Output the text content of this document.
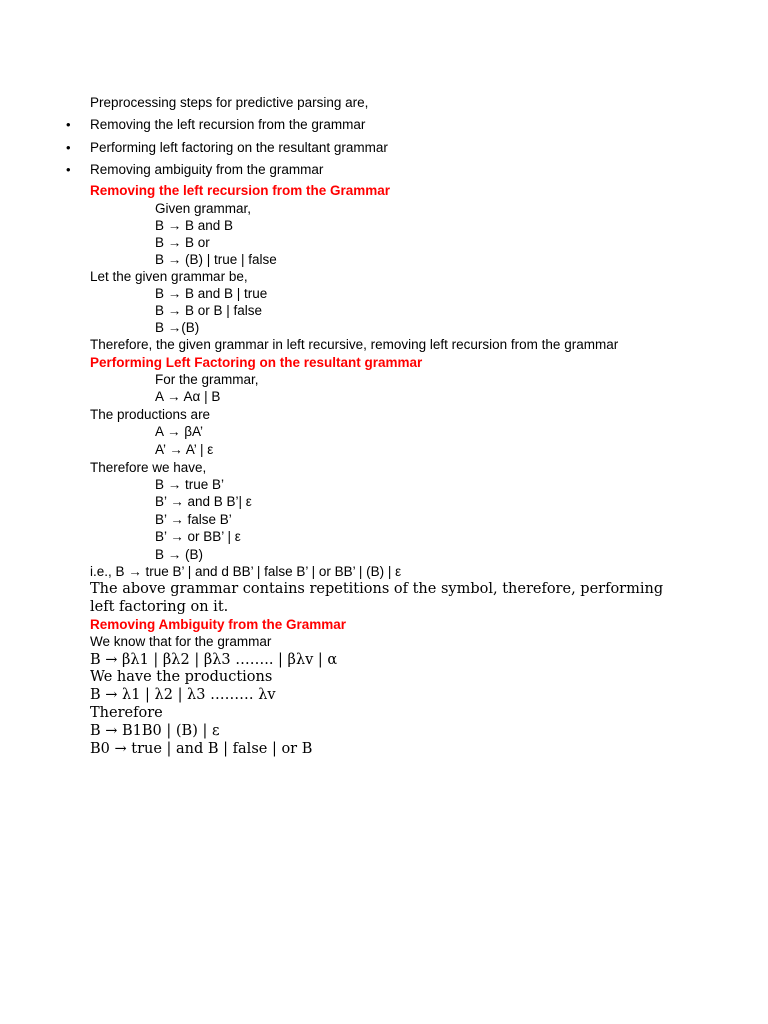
Preprocessing steps for predictive parsing are,
• Removing the left recursion from the grammar
• Performing left factoring on the resultant grammar
• Removing ambiguity from the grammar
Removing the left recursion from the Grammar
Given grammar,
B → B and B
B → B or
B → (B) | true | false
Let the given grammar be,
B → B and B | true
B → B or B | false
B →(B)
Therefore, the given grammar in left recursive, removing left recursion from the grammar
Performing Left Factoring on the resultant grammar
For the grammar,
A → Aα | B
The productions are
A → βA’
A’ → A’ | ε
Therefore we have,
B → true B’
B’ → and B B’| ε
B’ → false B’
B’ → or BB’ | ε
B → (B)
i.e., B → true B’ | and d BB’ | false B’ | or BB’ | (B) | ε
The above grammar contains repetitions of the symbol, therefore, performing
left factoring on it.
Removing Ambiguity from the Grammar
We know that for the grammar
B → βλ1 | βλ2 | βλ3 …….. | βλv | α
We have the productions
B → λ1 | λ2 | λ3 ……… λv
Therefore
B → B1B0 | (B) | ε
B0 → true | and B | false | or B
